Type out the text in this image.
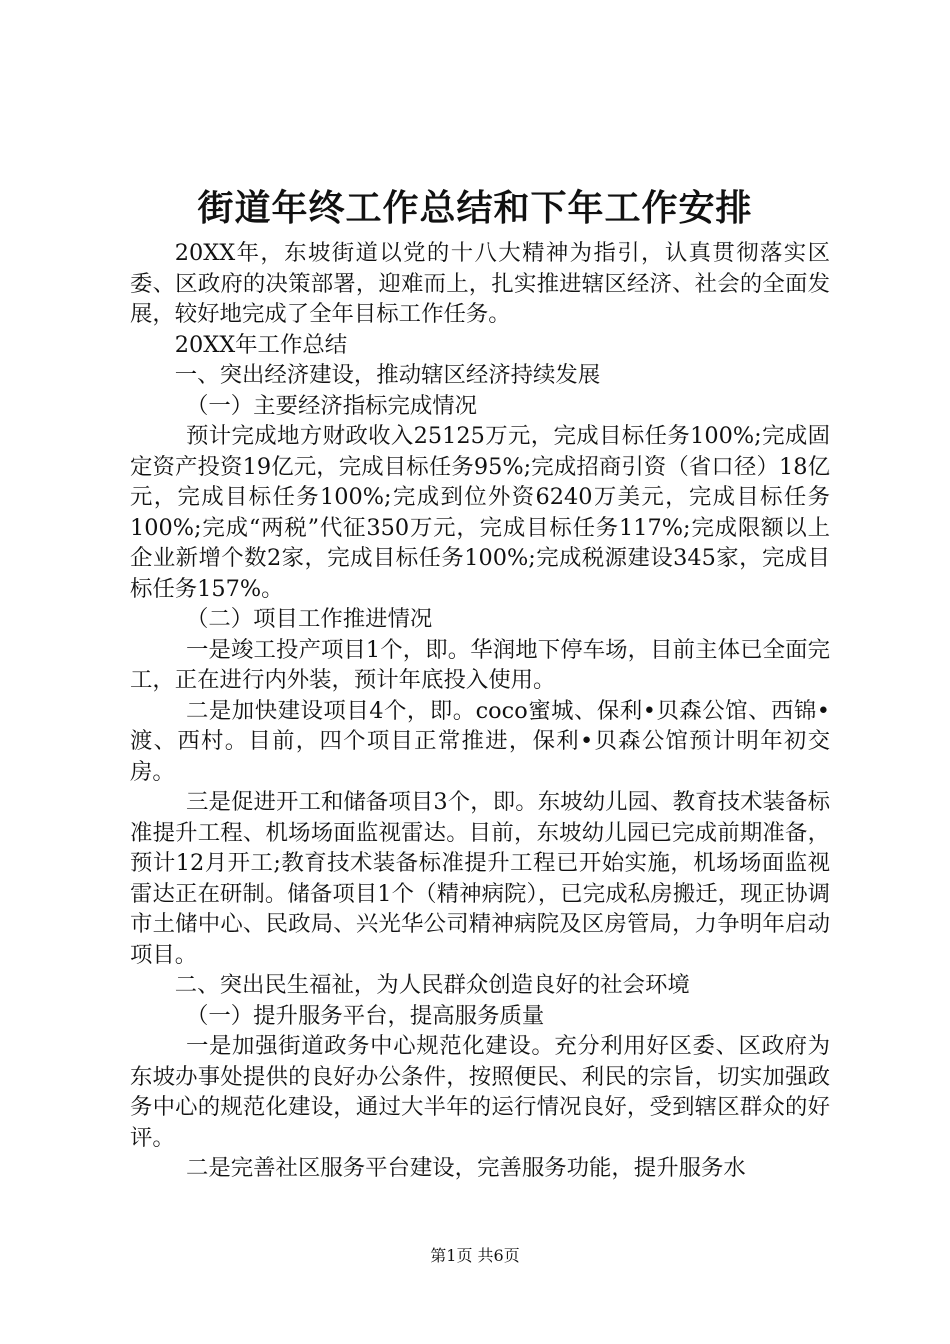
街道年终工作总结和下年工作安排

20XX年，东坡街道以党的十八大精神为指引，认真贯彻落实区委、区政府的决策部署，迎难而上，扎实推进辖区经济、社会的全面发展，较好地完成了全年目标工作任务。

20XX年工作总结

一、突出经济建设，推动辖区经济持续发展

（一）主要经济指标完成情况

预计完成地方财政收入25125万元，完成目标任务100%;完成固定资产投资19亿元，完成目标任务95%;完成招商引资（省口径）18亿元，完成目标任务100%;完成到位外资6240万美元，完成目标任务100%;完成“两税”代征350万元，完成目标任务117%;完成限额以上企业新增个数2家，完成目标任务100%;完成税源建设345家，完成目标任务157%。

（二）项目工作推进情况

一是竣工投产项目1个，即。华润地下停车场，目前主体已全面完工，正在进行内外装，预计年底投入使用。

二是加快建设项目4个，即。coco蜜城、保利•贝森公馆、西锦•渡、西村。目前，四个项目正常推进，保利•贝森公馆预计明年初交房。

三是促进开工和储备项目3个，即。东坡幼儿园、教育技术装备标准提升工程、机场场面监视雷达。目前，东坡幼儿园已完成前期准备，预计12月开工;教育技术装备标准提升工程已开始实施，机场场面监视雷达正在研制。储备项目1个（精神病院），已完成私房搬迁，现正协调市土储中心、民政局、兴光华公司精神病院及区房管局，力争明年启动项目。

二、突出民生福祉，为人民群众创造良好的社会环境

（一）提升服务平台，提高服务质量

一是加强街道政务中心规范化建设。充分利用好区委、区政府为东坡办事处提供的良好办公条件，按照便民、利民的宗旨，切实加强政务中心的规范化建设，通过大半年的运行情况良好，受到辖区群众的好评。

二是完善社区服务平台建设，完善服务功能，提升服务水

第1页 共6页
